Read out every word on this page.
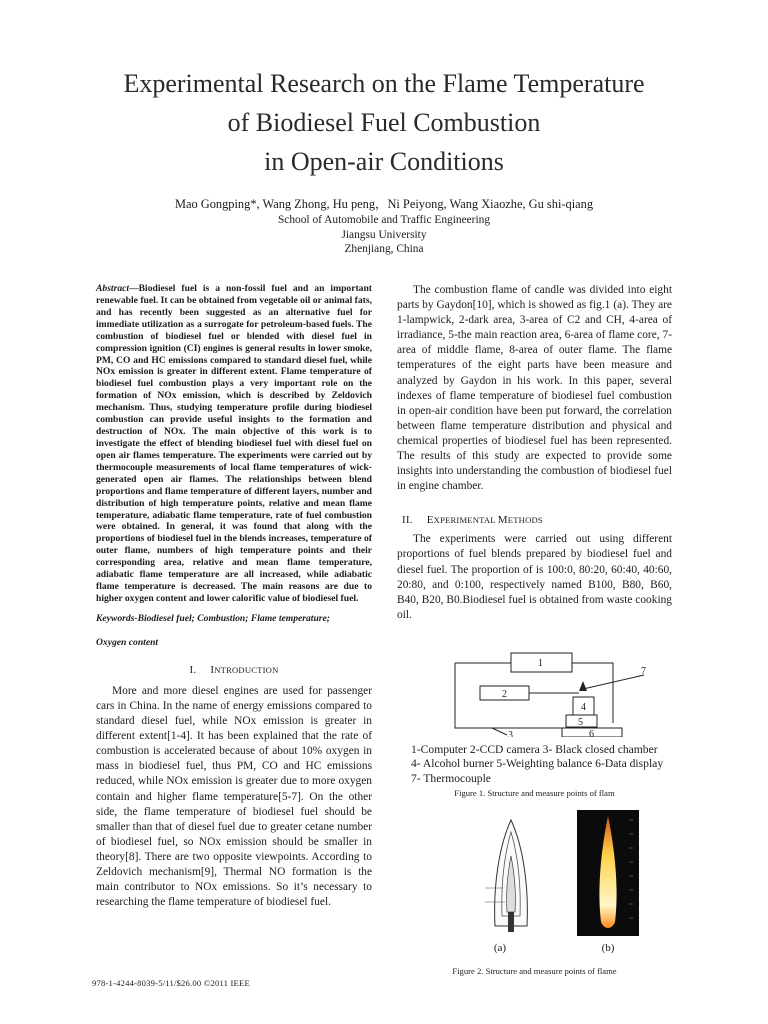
Experimental Research on the Flame Temperature
of Biodiesel Fuel Combustion
in Open-air Conditions
Mao Gongping*, Wang Zhong, Hu peng，Ni Peiyong, Wang Xiaozhe, Gu shi-qiang
School of Automobile and Traffic Engineering
Jiangsu University
Zhenjiang, China

Abstract—Biodiesel fuel is a non-fossil fuel and an important renewable fuel. It can be obtained from vegetable oil or animal fats, and has recently been suggested as an alternative fuel for immediate utilization as a surrogate for petroleum-based fuels. The combustion of biodiesel fuel or blended with diesel fuel in compression ignition (CI) engines is general results in lower smoke, PM, CO and HC emissions compared to standard diesel fuel, while NOx emission is greater in different extent. Flame temperature of biodiesel fuel combustion plays a very important role on the formation of NOx emission, which is described by Zeldovich mechanism. Thus, studying temperature profile during biodiesel combustion can provide useful insights to the formation and destruction of NOx. The main objective of this work is to investigate the effect of blending biodiesel fuel with diesel fuel on open air flames temperature. The experiments were carried out by thermocouple measurements of local flame temperatures of wick-generated open air flames. The relationships between blend proportions and flame temperature of different layers, number and distribution of high temperature points, relative and mean flame temperature, adiabatic flame temperature, rate of fuel combustion were obtained. In general, it was found that along with the proportions of biodiesel fuel in the blends increases, temperature of outer flame, numbers of high temperature points and their corresponding area, relative and mean flame temperature, adiabatic flame temperature are all increased, while adiabatic flame temperature is decreased. The main reasons are due to higher oxygen content and lower calorific value of biodiesel fuel.

Keywords-Biodiesel fuel; Combustion; Flame temperature;
Oxygen content

I. INTRODUCTION

More and more diesel engines are used for passenger cars in China. In the name of energy emissions compared to standard diesel fuel, while NOx emission is greater in different extent[1-4]. It has been explained that the rate of combustion is accelerated because of about 10% oxygen in mass in biodiesel fuel, thus PM, CO and HC emissions reduced, while NOx emission is greater due to more oxygen contain and higher flame temperature[5-7]. On the other side, the flame temperature of biodiesel fuel should be smaller than that of diesel fuel due to greater cetane number of biodiesel fuel, so NOx emission should be smaller in theory[8]. There are two opposite viewpoints. According to Zeldovich mechanism[9], Thermal NO formation is the main contributor to NOx emissions. So it’s necessary to researching the flame temperature of biodiesel fuel.

The combustion flame of candle was divided into eight parts by Gaydon[10], which is showed as fig.1 (a). They are 1-lampwick, 2-dark area, 3-area of C2 and CH, 4-area of irradiance, 5-the main reaction area, 6-area of flame core, 7-area of middle flame, 8-area of outer flame. The flame temperatures of the eight parts have been measure and analyzed by Gaydon in his work. In this paper, several indexes of flame temperature of biodiesel fuel combustion in open-air condition have been put forward, the correlation between flame temperature distribution and physical and chemical properties of biodiesel fuel has been represented. The results of this study are expected to provide some insights into understanding the combustion of biodiesel fuel in engine chamber.

II. EXPERIMENTAL METHODS

The experiments were carried out using different proportions of fuel blends prepared by biodiesel fuel and diesel fuel. The proportion of is 100:0, 80:20, 60:40, 40:60, 20:80, and 0:100, respectively named B100, B80, B60, B40, B20, B0.Biodiesel fuel is obtained from waste cooking oil.

1
2
3
4
5
6
7

1-Computer 2-CCD camera 3- Black closed chamber

4- Alcohol burner 5-Weighting balance 6-Data display

7- Thermocouple

Figure 1. Structure and measure points of flam

(a)	(b)

Figure 2. Structure and measure points of flame

978-1-4244-8039-5/11/$26.00 ©2011 IEEE
